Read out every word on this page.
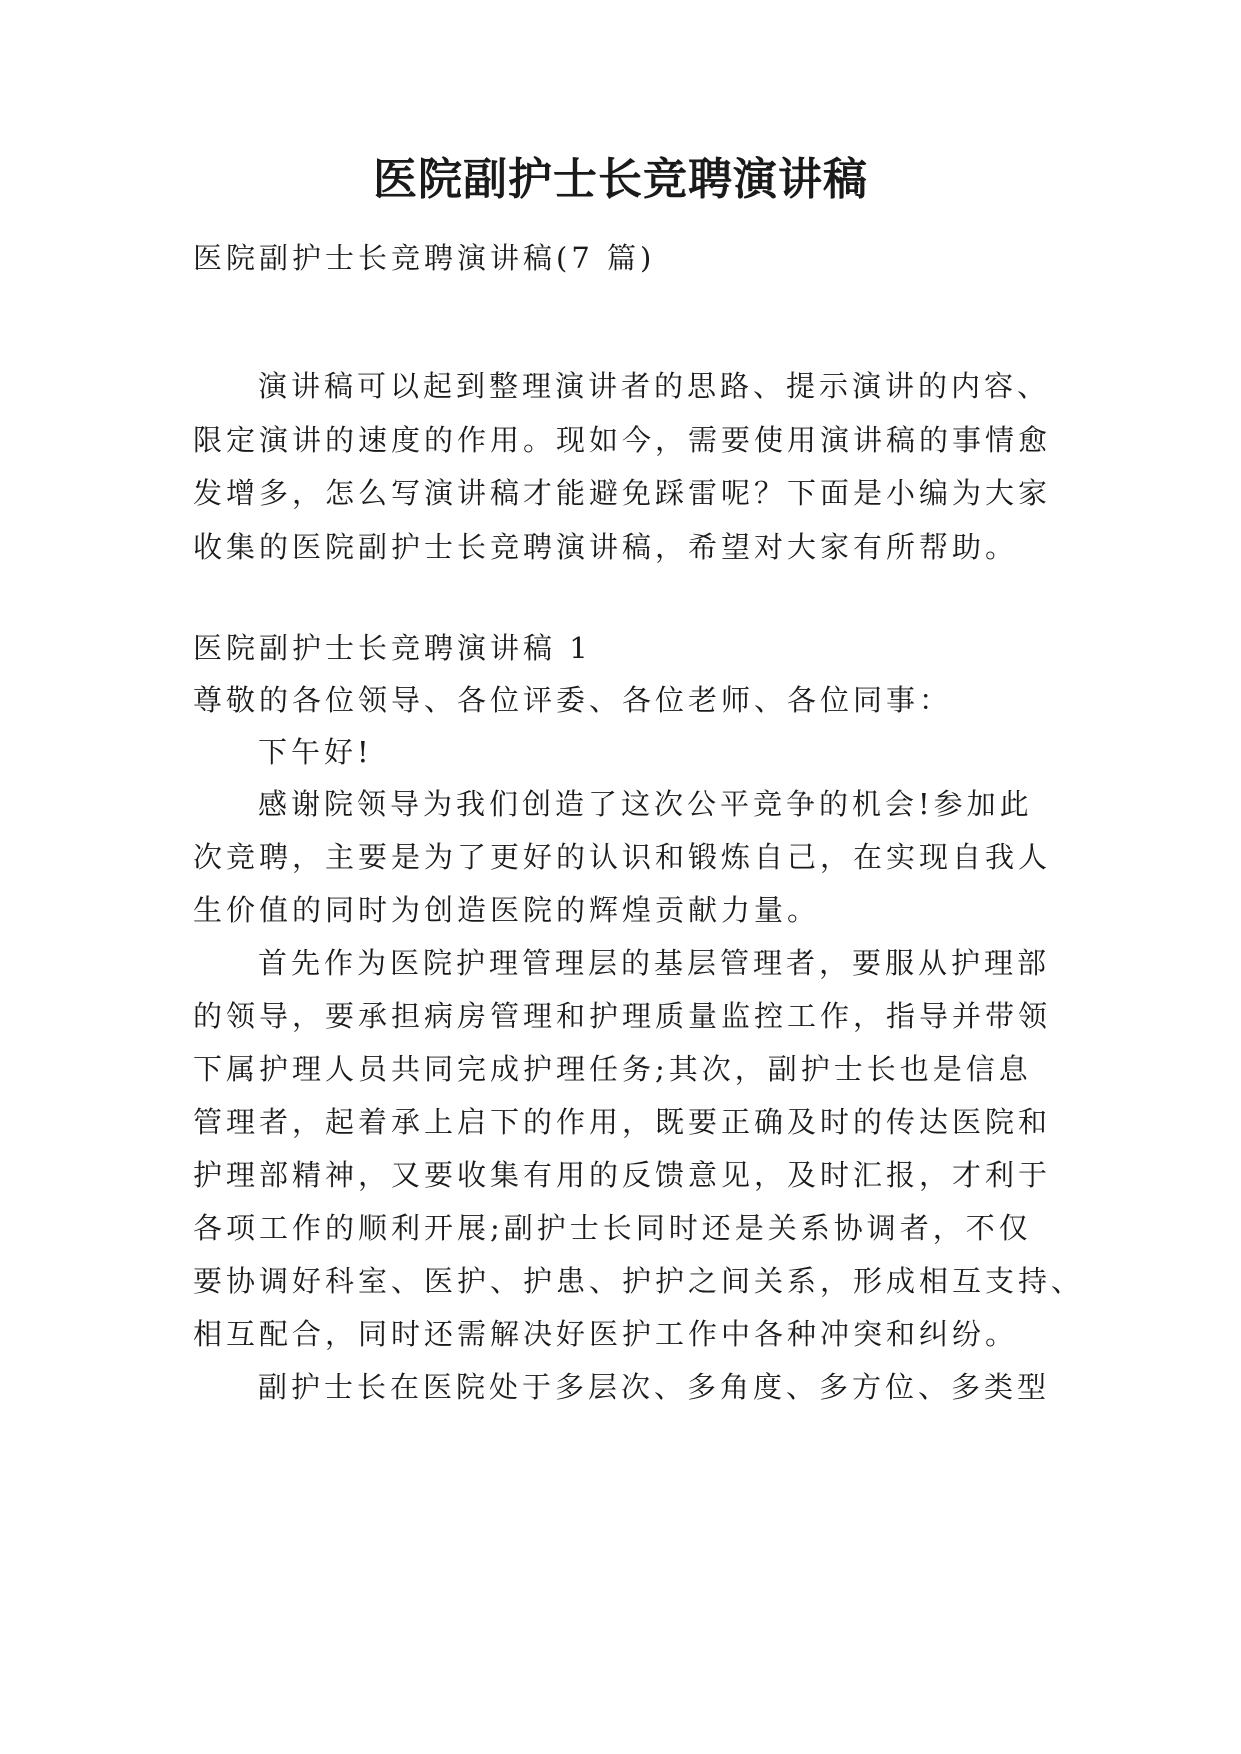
医院副护士长竞聘演讲稿

医院副护士长竞聘演讲稿(7 篇)

演讲稿可以起到整理演讲者的思路、提示演讲的内容、

限定演讲的速度的作用。现如今，需要使用演讲稿的事情愈

发增多，怎么写演讲稿才能避免踩雷呢？下面是小编为大家

收集的医院副护士长竞聘演讲稿，希望对大家有所帮助。

医院副护士长竞聘演讲稿 1

尊敬的各位领导、各位评委、各位老师、各位同事：

下午好!

感谢院领导为我们创造了这次公平竞争的机会!参加此

次竞聘，主要是为了更好的认识和锻炼自己，在实现自我人

生价值的同时为创造医院的辉煌贡献力量。

首先作为医院护理管理层的基层管理者，要服从护理部

的领导，要承担病房管理和护理质量监控工作，指导并带领

下属护理人员共同完成护理任务;其次，副护士长也是信息

管理者，起着承上启下的作用，既要正确及时的传达医院和

护理部精神，又要收集有用的反馈意见，及时汇报，才利于

各项工作的顺利开展;副护士长同时还是关系协调者，不仅

要协调好科室、医护、护患、护护之间关系，形成相互支持、

相互配合，同时还需解决好医护工作中各种冲突和纠纷。

副护士长在医院处于多层次、多角度、多方位、多类型
